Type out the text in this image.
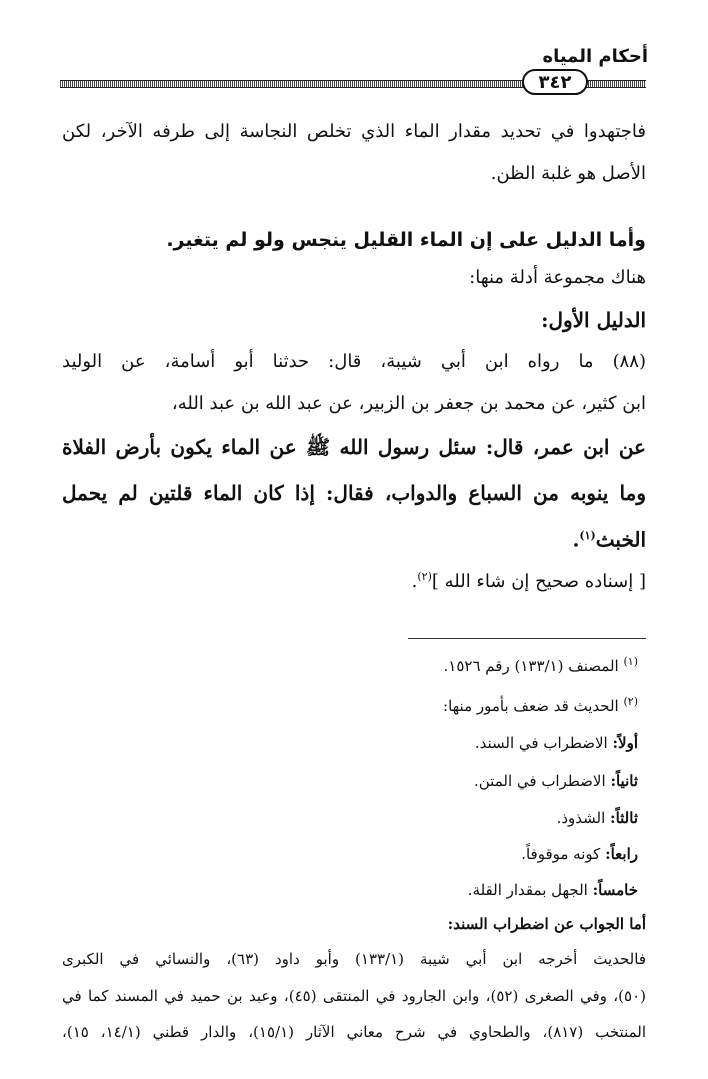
أحكام المياه
٣٤٢
فاجتهدوا في تحديد مقدار الماء الذي تخلص النجاسة إلى طرفه الآخر، لكن
الأصل هو غلبة الظن.
وأما الدليل على إن الماء القليل ينجس ولو لم يتغير.
هناك مجموعة أدلة منها:
الدليل الأول:
(٨٨) ما رواه ابن أبي شيبة، قال: حدثنا أبو أسامة، عن الوليد
ابن كثير، عن محمد بن جعفر بن الزبير، عن عبد الله بن عبد الله،
عن ابن عمر، قال: سئل رسول الله ﷺ عن الماء يكون بأرض الفلاة
وما ينوبه من السباع والدواب، فقال: إذا كان الماء قلتين لم يحمل
الخبث$^{(١)}$.
[ إسناده صحيح إن شاء الله ]$^{(٢)}$.
$^{(١)}$ المصنف (١٣٣/١) رقم ١٥٢٦.
$^{(٢)}$ الحديث قد ضعف بأمور منها:
أولاً: الاضطراب في السند.
ثانياً: الاضطراب في المتن.
ثالثاً: الشذوذ.
رابعاً: كونه موقوفاً.
خامساً: الجهل بمقدار القلة.
أما الجواب عن اضطراب السند:
فالحديث أخرجه ابن أبي شيبة (١٣٣/١) وأبو داود (٦٣)، والنسائي في الكبرى
(٥٠)، وفي الصغرى (٥٢)، وابن الجارود في المنتقى (٤٥)، وعبد بن حميد في المسند كما في
المنتخب (٨١٧)، والطحاوي في شرح معاني الآثار (١٥/١)، والدار قطني (١٤/١، ١٥)،
